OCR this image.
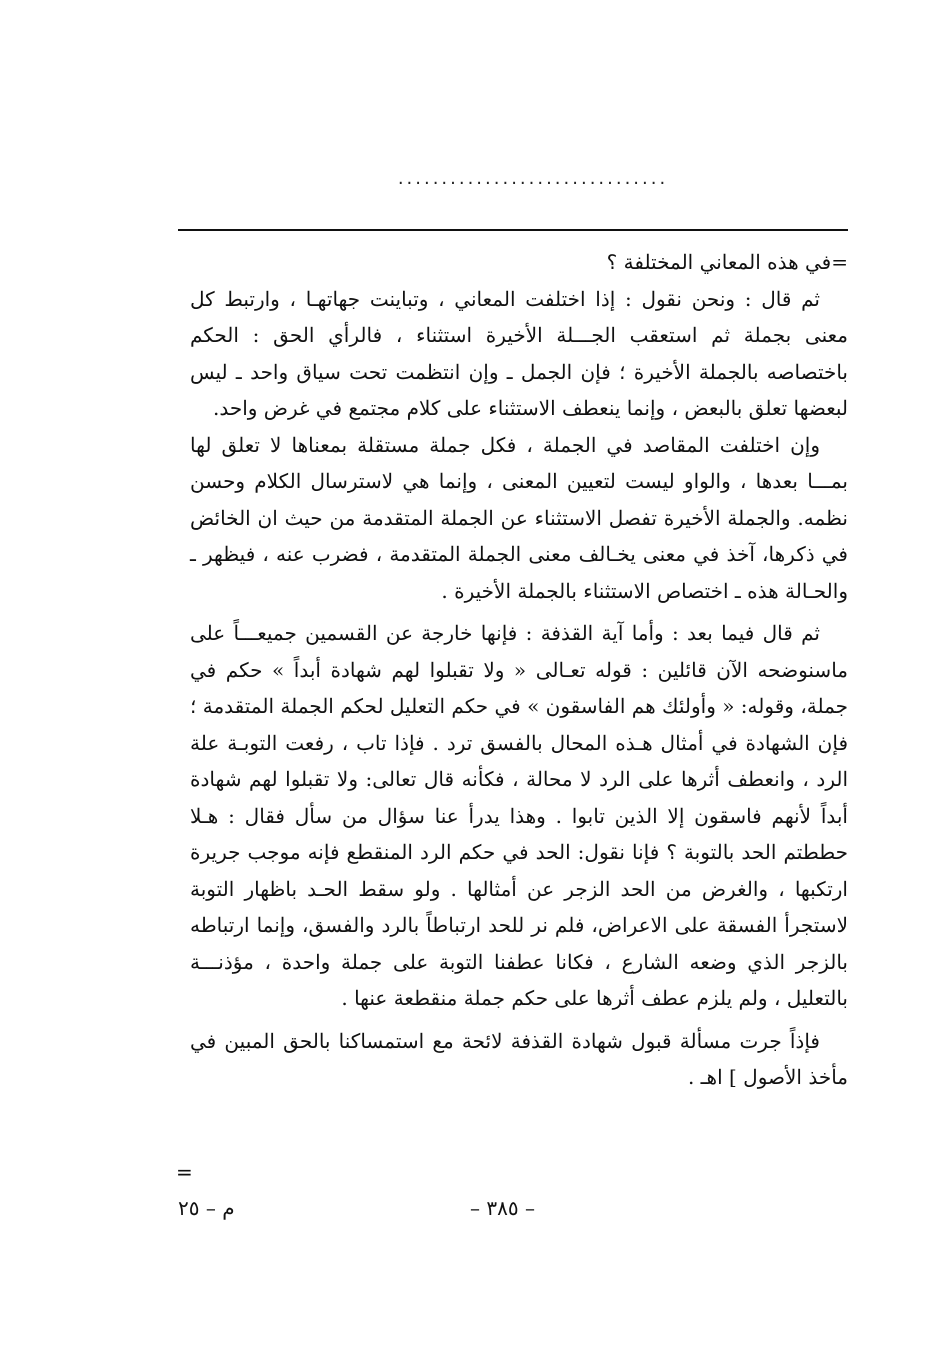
...............................

=في هذه المعاني المختلفة ؟

ثم قال : ونحن نقول : إذا اختلفت المعاني ، وتباينت جهاتهـا ، وارتبط كل معنى بجملة ثم استعقب الجـــلة الأخيرة استثناء ، فالرأي الحق : الحكم باختصاصه بالجملة الأخيرة ؛ فإن الجمل ـ وإن انتظمت تحت سياق واحد ـ ليس لبعضها تعلق بالبعض ، وإنما ينعطف الاستثناء على كلام مجتمع في غرض واحد.

وإن اختلفت المقاصد في الجملة ، فكل جملة مستقلة بمعناها لا تعلق لها بمـــا بعدها ، والواو ليست لتعيين المعنى ، وإنما هي لاسترسال الكلام وحسن نظمه. والجملة الأخيرة تفصل الاستثناء عن الجملة المتقدمة من حيث ان الخائض في ذكرها، آخذ في معنى يخـالف معنى الجملة المتقدمة ، فضرب عنه ، فيظهر ـ والحـالة هذه ـ اختصاص الاستثناء بالجملة الأخيرة .

ثم قال فيما بعد : وأما آية القذفة : فإنها خارجة عن القسمين جميعـــاً على ماسنوضحه الآن قائلين : قوله تعـالى « ولا تقبلوا لهم شهادة أبداً » حكم في جملة، وقوله: « وأولئك هم الفاسقون » في حكم التعليل لحكم الجملة المتقدمة ؛ فإن الشهادة في أمثال هـذه المحال بالفسق ترد . فإذا تاب ، رفعت التوبـة علة الرد ، وانعطف أثرها على الرد لا محالة ، فكأنه قال تعالى: ولا تقبلوا لهم شهادة أبداً لأنهم فاسقون إلا الذين تابوا . وهذا يدرأ عنا سؤال من سأل فقال : هـلا حططتم الحد بالتوبة ؟ فإنا نقول: الحد في حكم الرد المنقطع فإنه موجب جريرة ارتكبها ، والغرض من الحد الزجر عن أمثالها . ولو سقط الحـد باظهار التوبة لاستجرأ الفسقة على الاعراض، فلم نر للحد ارتباطاً بالرد والفسق، وإنما ارتباطه بالزجر الذي وضعه الشارع ، فكانا عطفنا التوبة على جملة واحدة ، مؤذنـــة بالتعليل ، ولم يلزم عطف أثرها على حكم جملة منقطعة عنها .

فإذاً جرت مسألة قبول شهادة القذفة لائحة مع استمساكنا بالحق المبين في مأخذ الأصول ] اهـ .

=
– ٣٨٥ –
م – ٢٥
